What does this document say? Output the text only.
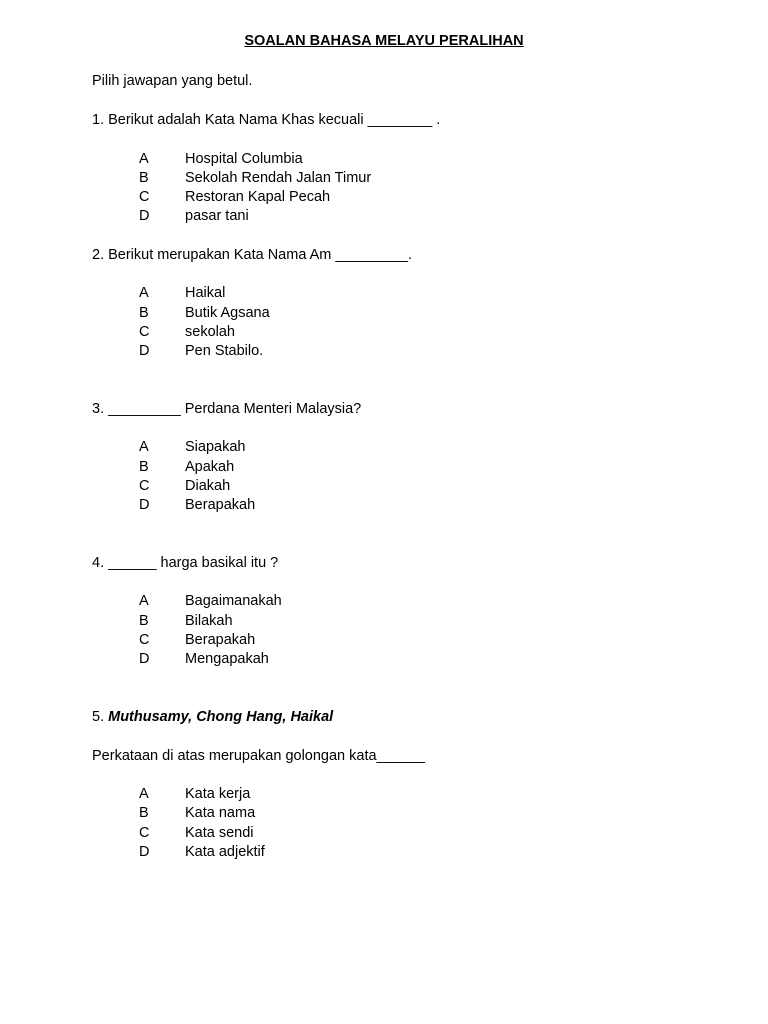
SOALAN BAHASA MELAYU PERALIHAN

Pilih jawapan yang betul.

1. Berikut adalah Kata Nama Khas kecuali ________ .

A	Hospital Columbia
B	Sekolah Rendah Jalan Timur
C Restoran Kapal Pecah
D pasar tani

2. Berikut merupakan Kata Nama Am _________.

A	Haikal
B	Butik Agsana
C sekolah
D Pen Stabilo.

3. _________ Perdana Menteri Malaysia?

A	Siapakah
B	Apakah
C Diakah
D Berapakah

4. ______ harga basikal itu ?

A	Bagaimanakah
B	Bilakah
C Berapakah
D Mengapakah

5. Muthusamy, Chong Hang, Haikal

Perkataan di atas merupakan golongan kata______

A	Kata kerja
B	Kata nama
C Kata sendi
D Kata adjektif
